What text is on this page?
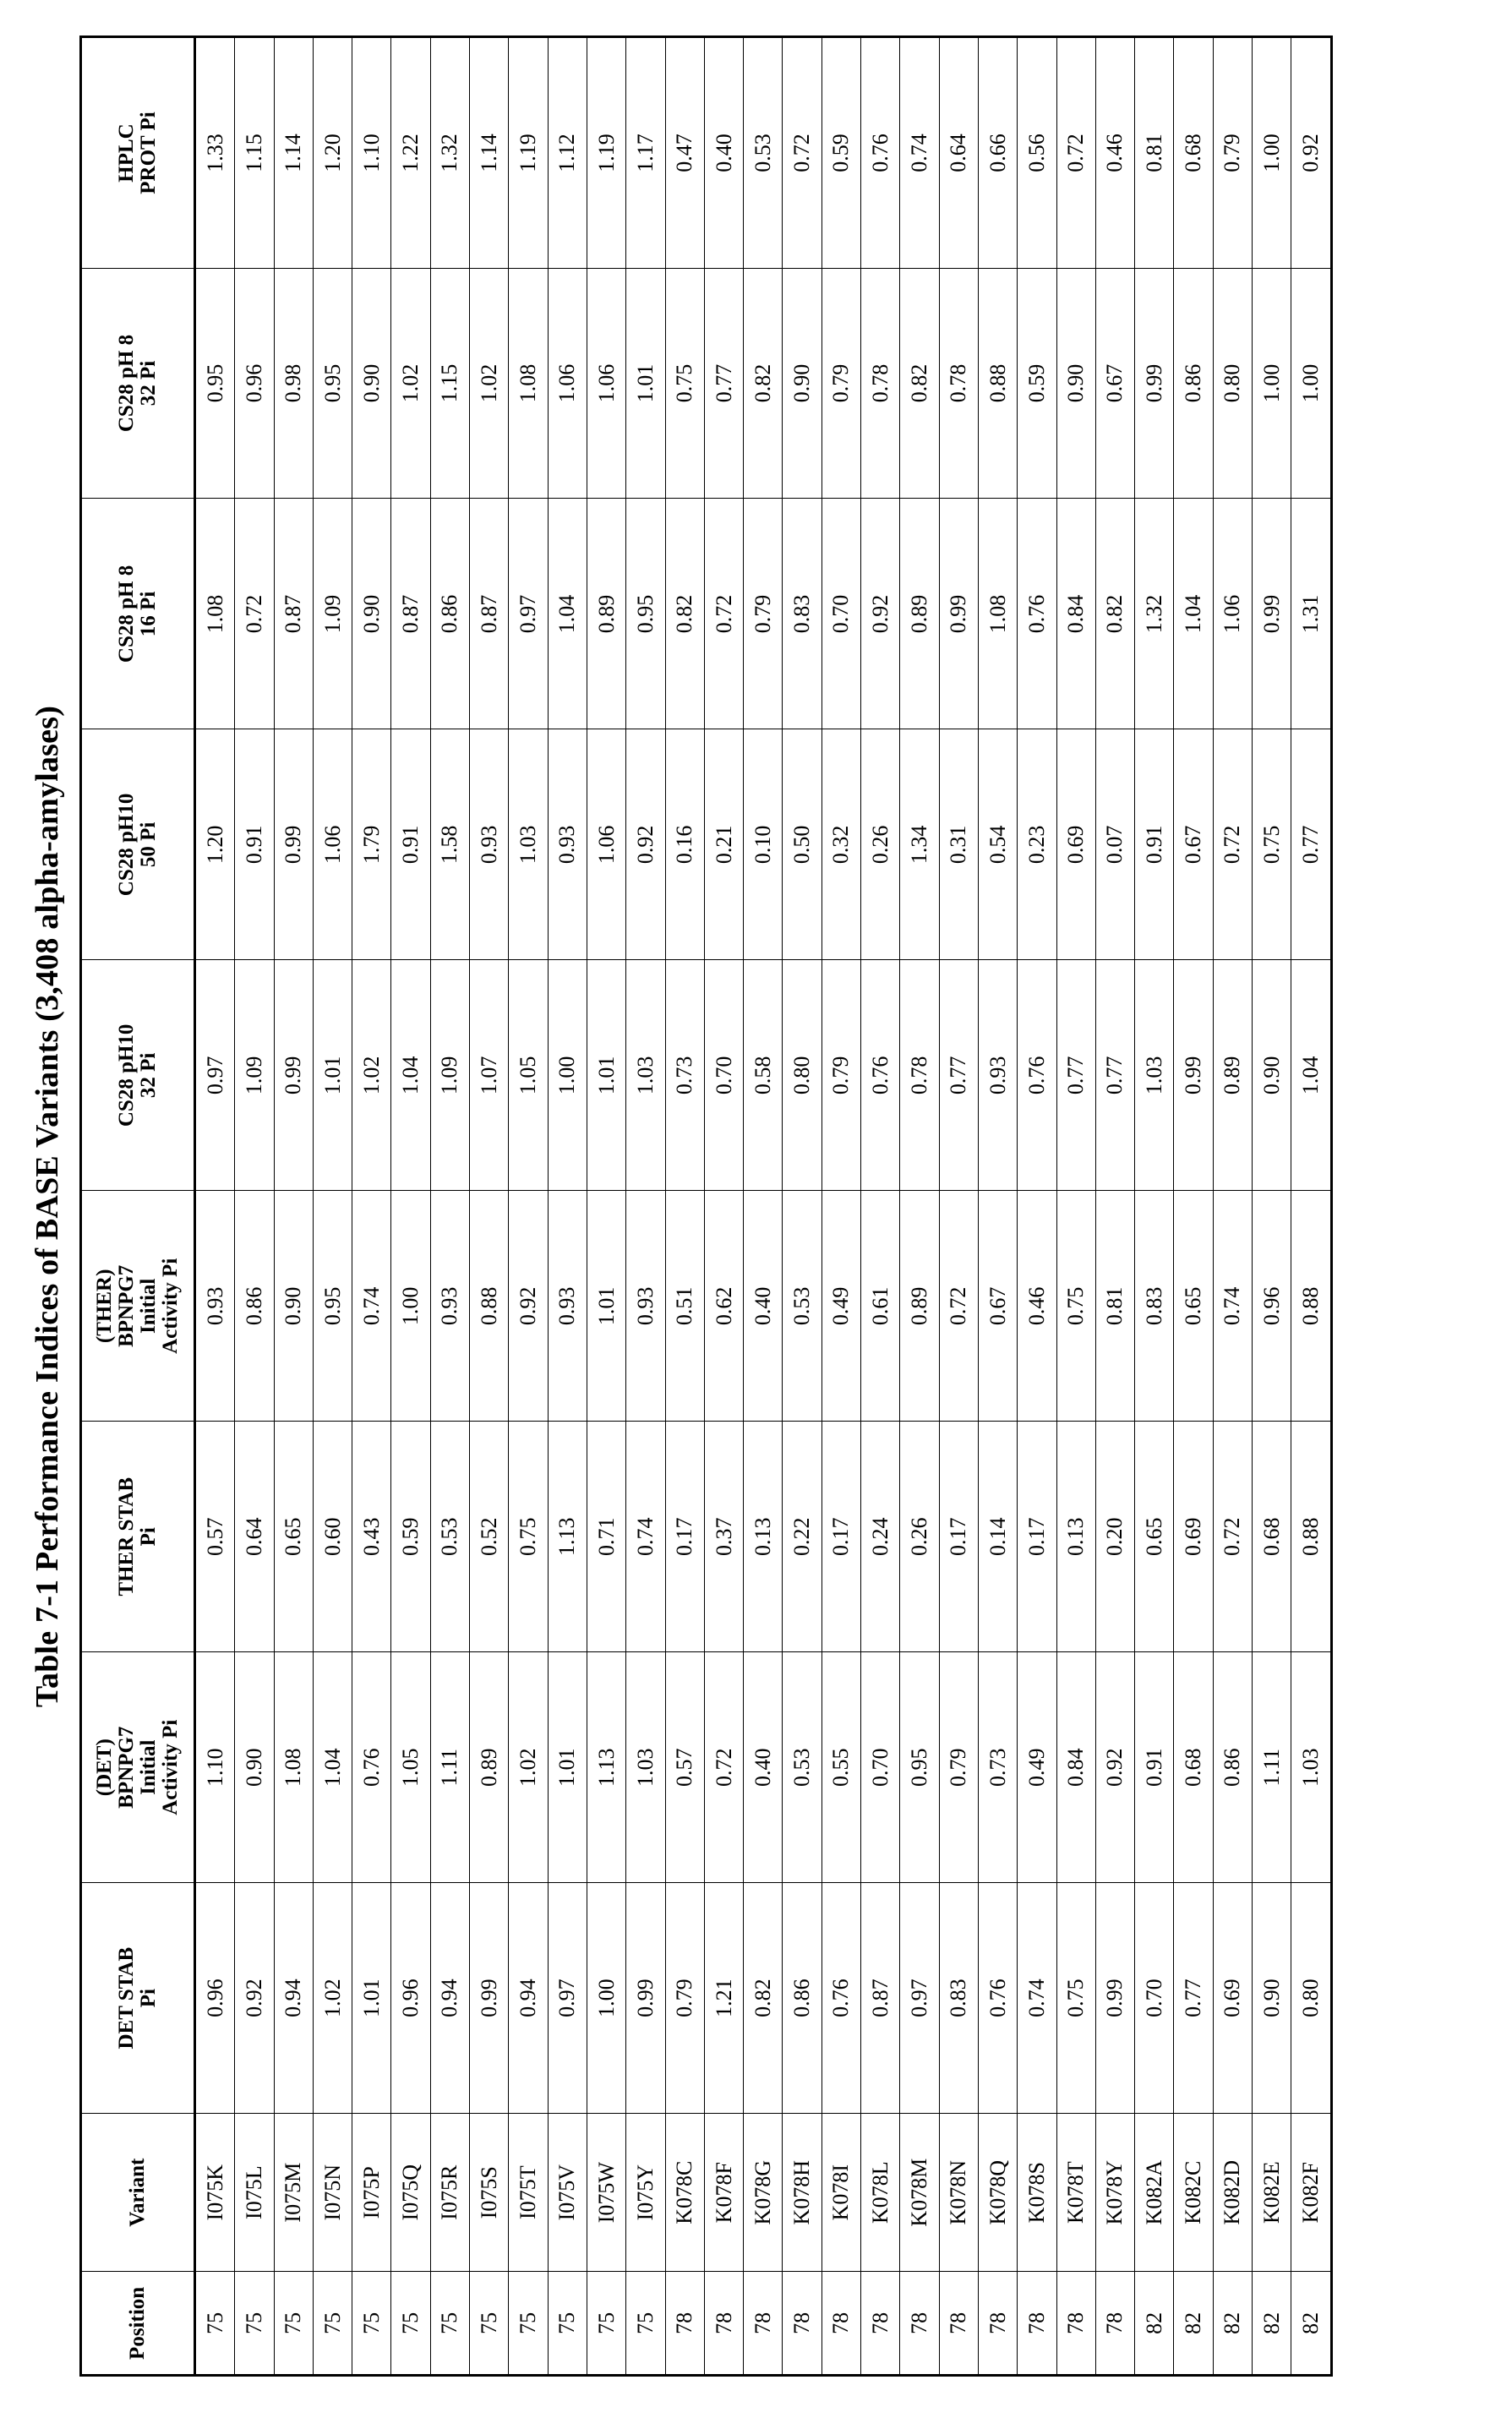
Table 7-1 Performance Indices of BASE Variants (3,408 alpha-amylases)
Position	Variant	DET STAB Pi	(DET) BPNPG7 Initial Activity Pi	THER STAB Pi	(THER) BPNPG7 Initial Activity Pi	CS28 pH10 32 Pi	CS28 pH10 50 Pi	CS28 pH 8 16 Pi	CS28 pH 8 32 Pi	HPLC PROT Pi

75	I075K	0.96	1.10	0.57	0.93	0.97	1.20	1.08	0.95	1.33
75	I075L	0.92	0.90	0.64	0.86	1.09	0.91	0.72	0.96	1.15
75	I075M	0.94	1.08	0.65	0.90	0.99	0.99	0.87	0.98	1.14
75	I075N	1.02	1.04	0.60	0.95	1.01	1.06	1.09	0.95	1.20
75	I075P	1.01	0.76	0.43	0.74	1.02	1.79	0.90	0.90	1.10
75	I075Q	0.96	1.05	0.59	1.00	1.04	0.91	0.87	1.02	1.22
75	I075R	0.94	1.11	0.53	0.93	1.09	1.58	0.86	1.15	1.32
75	I075S	0.99	0.89	0.52	0.88	1.07	0.93	0.87	1.02	1.14
75	I075T	0.94	1.02	0.75	0.92	1.05	1.03	0.97	1.08	1.19
75	I075V	0.97	1.01	1.13	0.93	1.00	0.93	1.04	1.06	1.12
75	I075W	1.00	1.13	0.71	1.01	1.01	1.06	0.89	1.06	1.19
75	I075Y	0.99	1.03	0.74	0.93	1.03	0.92	0.95	1.01	1.17
78	K078C	0.79	0.57	0.17	0.51	0.73	0.16	0.82	0.75	0.47
78	K078F	1.21	0.72	0.37	0.62	0.70	0.21	0.72	0.77	0.40
78	K078G	0.82	0.40	0.13	0.40	0.58	0.10	0.79	0.82	0.53
78	K078H	0.86	0.53	0.22	0.53	0.80	0.50	0.83	0.90	0.72
78	K078I	0.76	0.55	0.17	0.49	0.79	0.32	0.70	0.79	0.59
78	K078L	0.87	0.70	0.24	0.61	0.76	0.26	0.92	0.78	0.76
78	K078M	0.97	0.95	0.26	0.89	0.78	1.34	0.89	0.82	0.74
78	K078N	0.83	0.79	0.17	0.72	0.77	0.31	0.99	0.78	0.64
78	K078Q	0.76	0.73	0.14	0.67	0.93	0.54	1.08	0.88	0.66
78	K078S	0.74	0.49	0.17	0.46	0.76	0.23	0.76	0.59	0.56
78	K078T	0.75	0.84	0.13	0.75	0.77	0.69	0.84	0.90	0.72
78	K078Y	0.99	0.92	0.20	0.81	0.77	0.07	0.82	0.67	0.46
82	K082A	0.70	0.91	0.65	0.83	1.03	0.91	1.32	0.99	0.81
82	K082C	0.77	0.68	0.69	0.65	0.99	0.67	1.04	0.86	0.68
82	K082D	0.69	0.86	0.72	0.74	0.89	0.72	1.06	0.80	0.79
82	K082E	0.90	1.11	0.68	0.96	0.90	0.75	0.99	1.00	1.00
82	K082F	0.80	1.03	0.88	0.88	1.04	0.77	1.31	1.00	0.92
